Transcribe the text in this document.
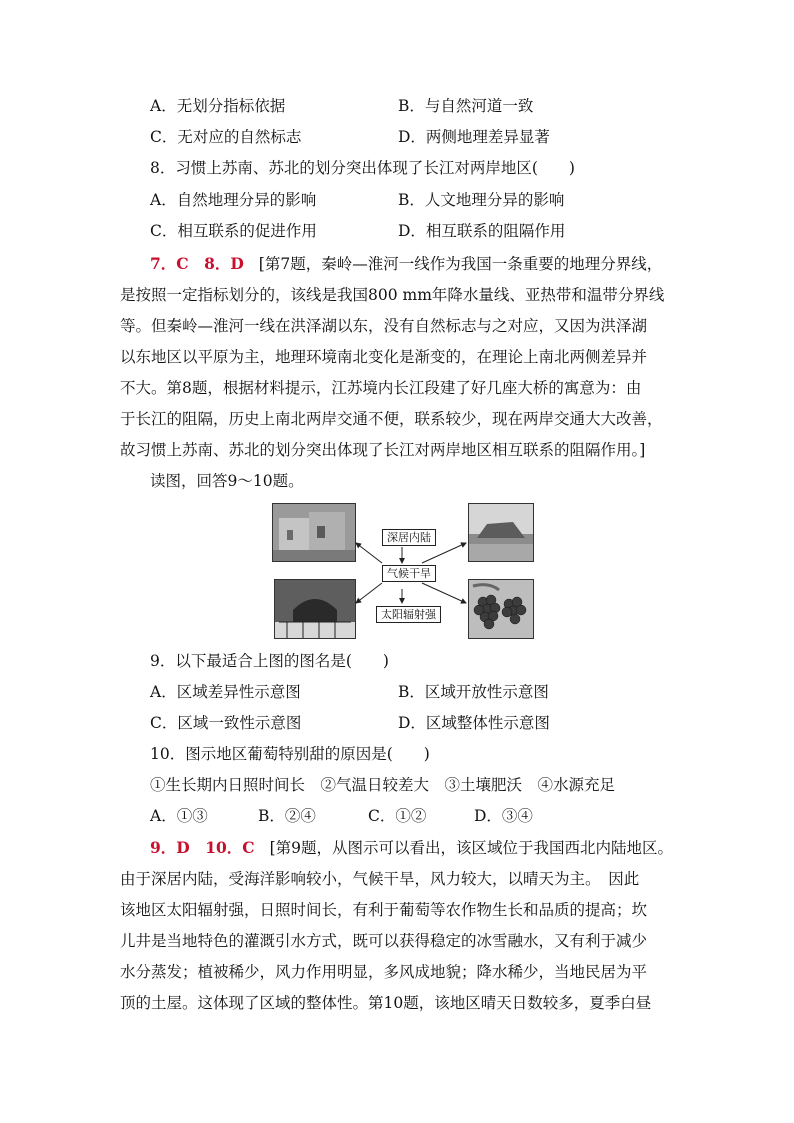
A．无划分指标依据	B．与自然河道一致
C．无对应的自然标志	D．两侧地理差异显著
8．习惯上苏南、苏北的划分突出体现了长江对两岸地区(　　)
A．自然地理分异的影响	B．人文地理分异的影响
C．相互联系的促进作用	D．相互联系的阻隔作用
7．C　8．D [第7题，秦岭—淮河一线作为我国一条重要的地理分界线，
是按照一定指标划分的，该线是我国800 mm年降水量线、亚热带和温带分界线
等。但秦岭—淮河一线在洪泽湖以东，没有自然标志与之对应，又因为洪泽湖
以东地区以平原为主，地理环境南北变化是渐变的，在理论上南北两侧差异并
不大。第8题，根据材料提示，江苏境内长江段建了好几座大桥的寓意为：由
于长江的阻隔，历史上南北两岸交通不便，联系较少，现在两岸交通大大改善，
故习惯上苏南、苏北的划分突出体现了长江对两岸地区相互联系的阻隔作用。]
读图，回答9～10题。
深居内陆
气候干旱
太阳辐射强
9．以下最适合上图的图名是(　　)
A．区域差异性示意图	B．区域开放性示意图
C．区域一致性示意图	D．区域整体性示意图
10．图示地区葡萄特别甜的原因是(　　)
①生长期内日照时间长　②气温日较差大　③土壤肥沃　④水源充足
A．①③	B．②④	C．①②	D．③④
9．D　10．C [第9题，从图示可以看出，该区域位于我国西北内陆地区。
由于深居内陆，受海洋影响较小，气候干旱，风力较大，以晴天为主。　因此
该地区太阳辐射强，日照时间长，有利于葡萄等农作物生长和品质的提高；坎
儿井是当地特色的灌溉引水方式，既可以获得稳定的冰雪融水，又有利于减少
水分蒸发；植被稀少，风力作用明显，多风成地貌；降水稀少，当地民居为平
顶的土屋。这体现了区域的整体性。第10题，该地区晴天日数较多，夏季白昼
